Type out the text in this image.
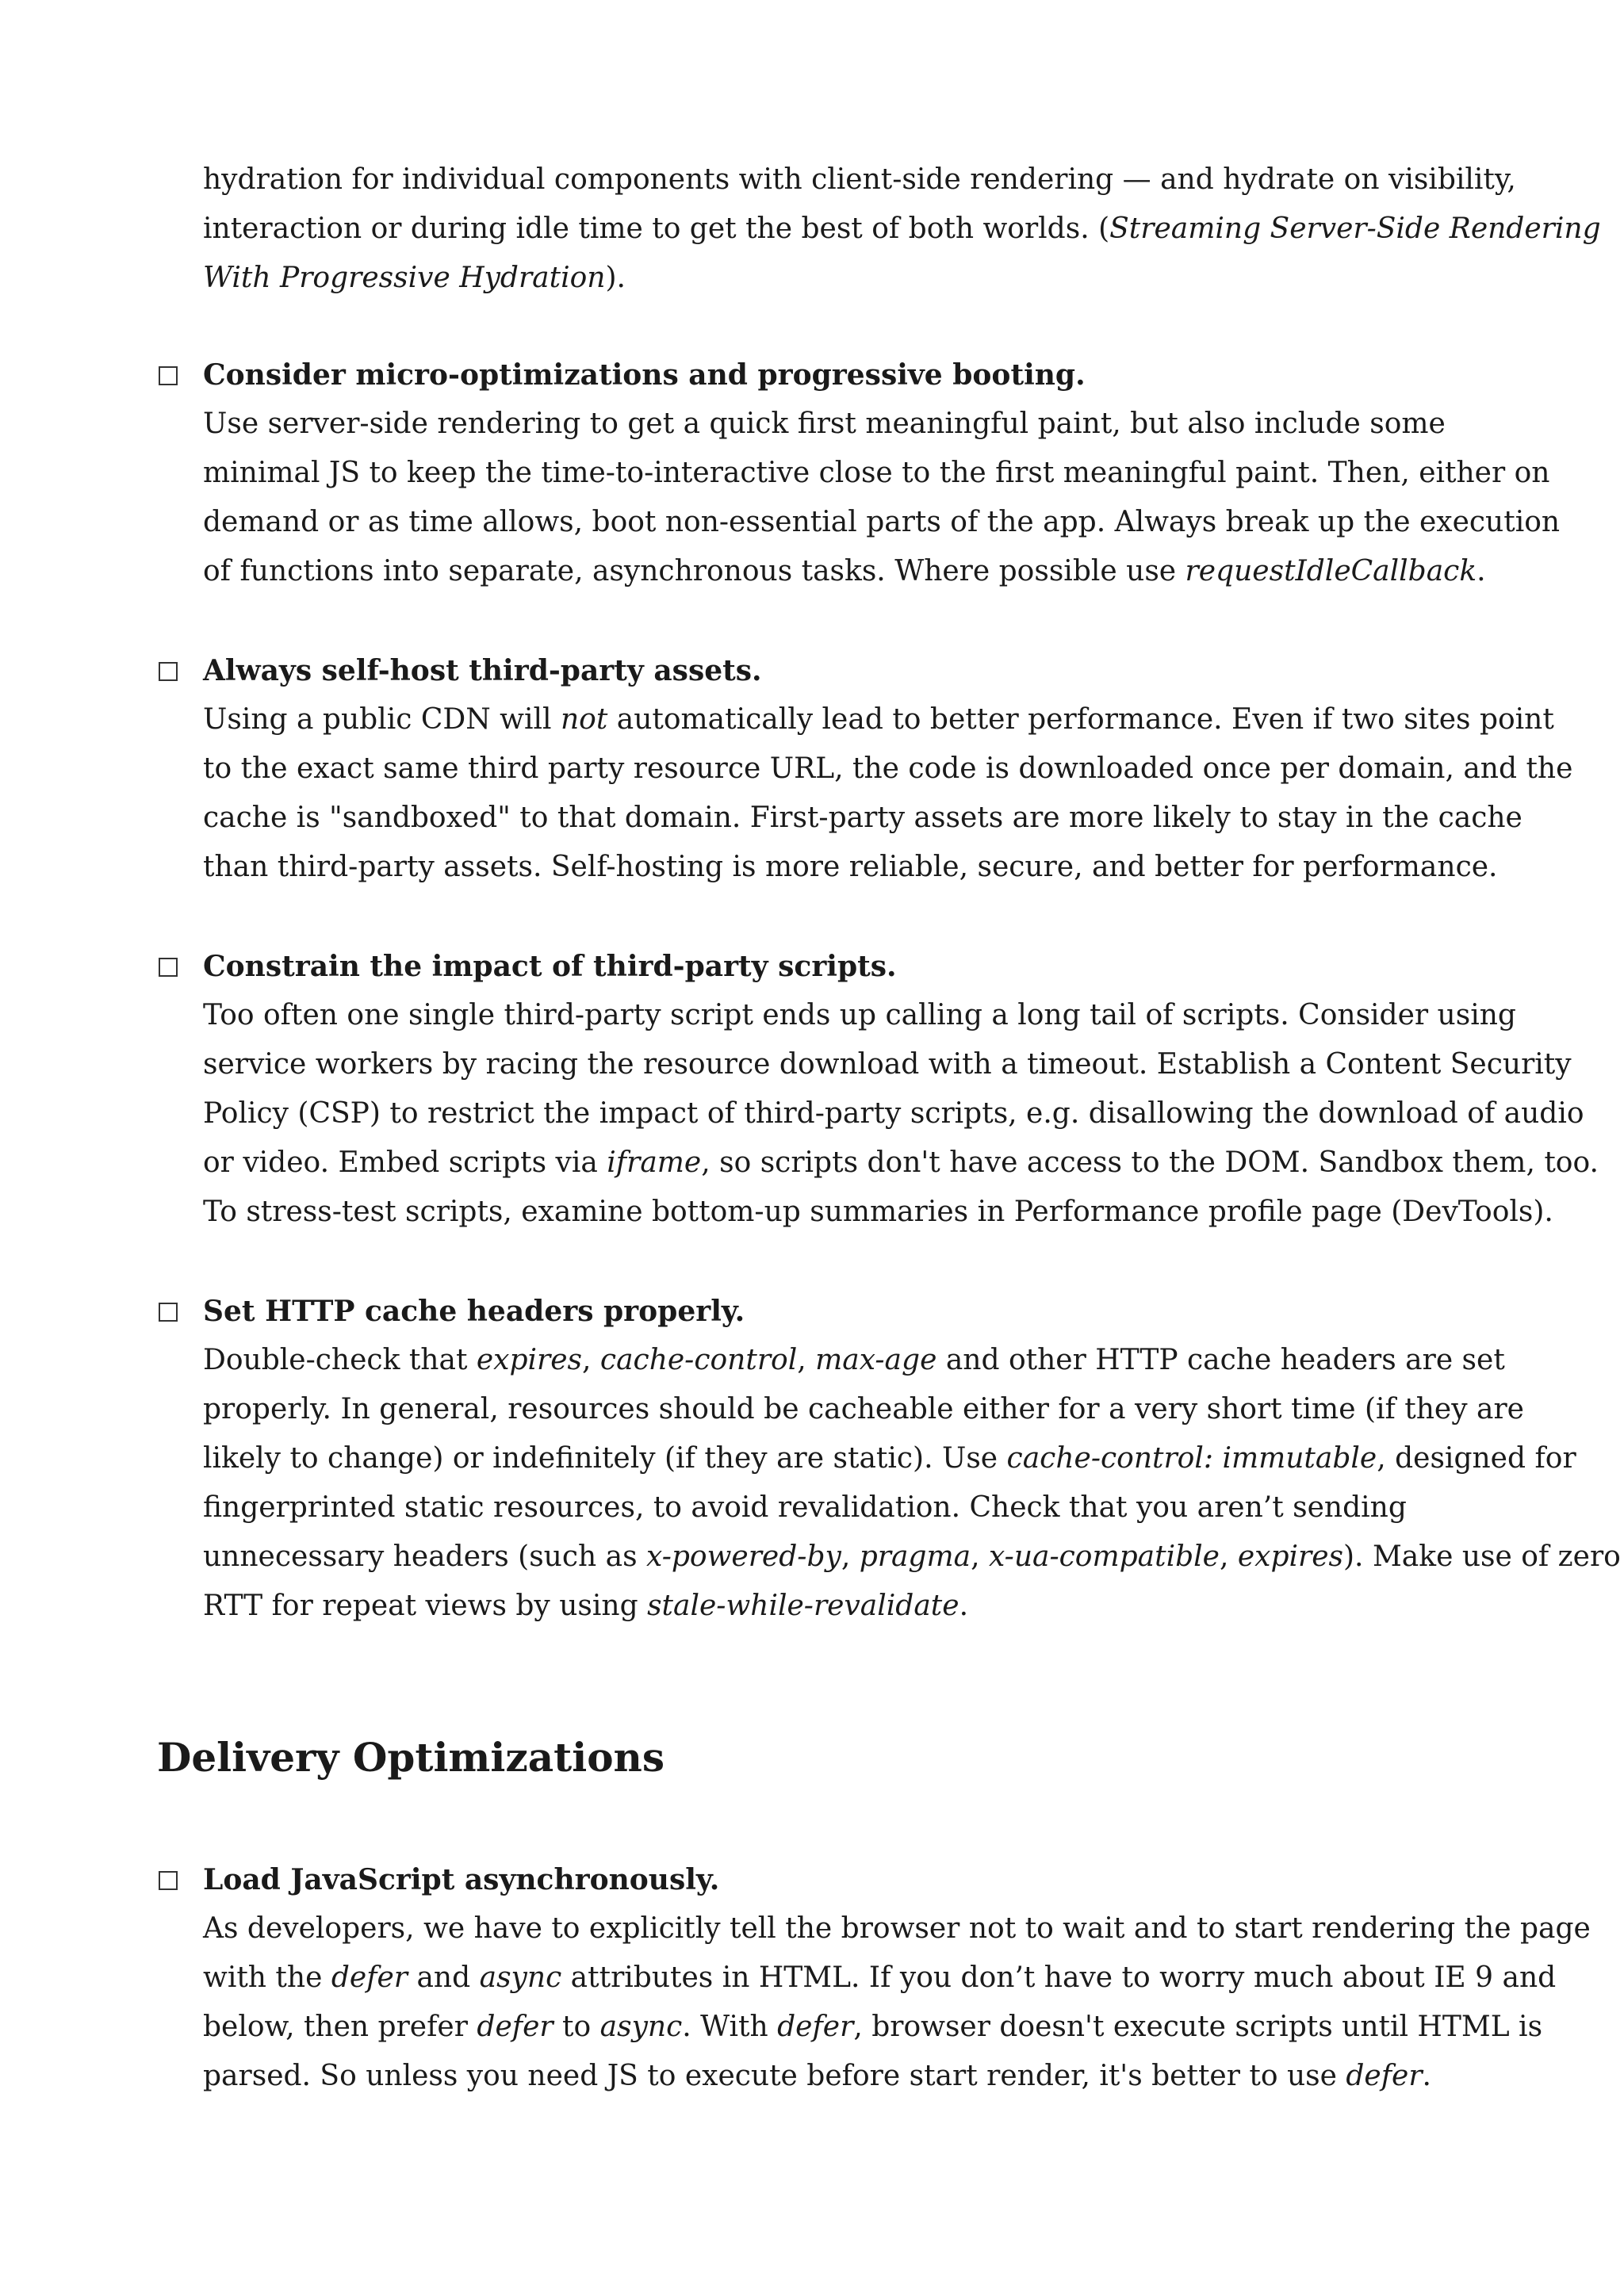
hydration for individual components with client-side rendering — and hydrate on visibility,
interaction or during idle time to get the best of both worlds. (Streaming Server-Side Rendering
With Progressive Hydration).
Consider micro-optimizations and progressive booting.
Use server-side rendering to get a quick first meaningful paint, but also include some
minimal JS to keep the time-to-interactive close to the first meaningful paint. Then, either on
demand or as time allows, boot non-essential parts of the app. Always break up the execution
of functions into separate, asynchronous tasks. Where possible use requestIdleCallback.
Always self-host third-party assets.
Using a public CDN will not automatically lead to better performance. Even if two sites point
to the exact same third party resource URL, the code is downloaded once per domain, and the
cache is "sandboxed" to that domain. First-party assets are more likely to stay in the cache
than third-party assets. Self-hosting is more reliable, secure, and better for performance.
Constrain the impact of third-party scripts.
Too often one single third-party script ends up calling a long tail of scripts. Consider using
service workers by racing the resource download with a timeout. Establish a Content Security
Policy (CSP) to restrict the impact of third-party scripts, e.g. disallowing the download of audio
or video. Embed scripts via iframe, so scripts don't have access to the DOM. Sandbox them, too.
To stress-test scripts, examine bottom-up summaries in Performance profile page (DevTools).
Set HTTP cache headers properly.
Double-check that expires, cache-control, max-age and other HTTP cache headers are set
properly. In general, resources should be cacheable either for a very short time (if they are
likely to change) or indefinitely (if they are static). Use cache-control: immutable, designed for
fingerprinted static resources, to avoid revalidation. Check that you aren’t sending
unnecessary headers (such as x-powered-by, pragma, x-ua-compatible, expires). Make use of zero
RTT for repeat views by using stale-while-revalidate.
Delivery Optimizations
Load JavaScript asynchronously.
As developers, we have to explicitly tell the browser not to wait and to start rendering the page
with the defer and async attributes in HTML. If you don’t have to worry much about IE 9 and
below, then prefer defer to async. With defer, browser doesn't execute scripts until HTML is
parsed. So unless you need JS to execute before start render, it's better to use defer.
